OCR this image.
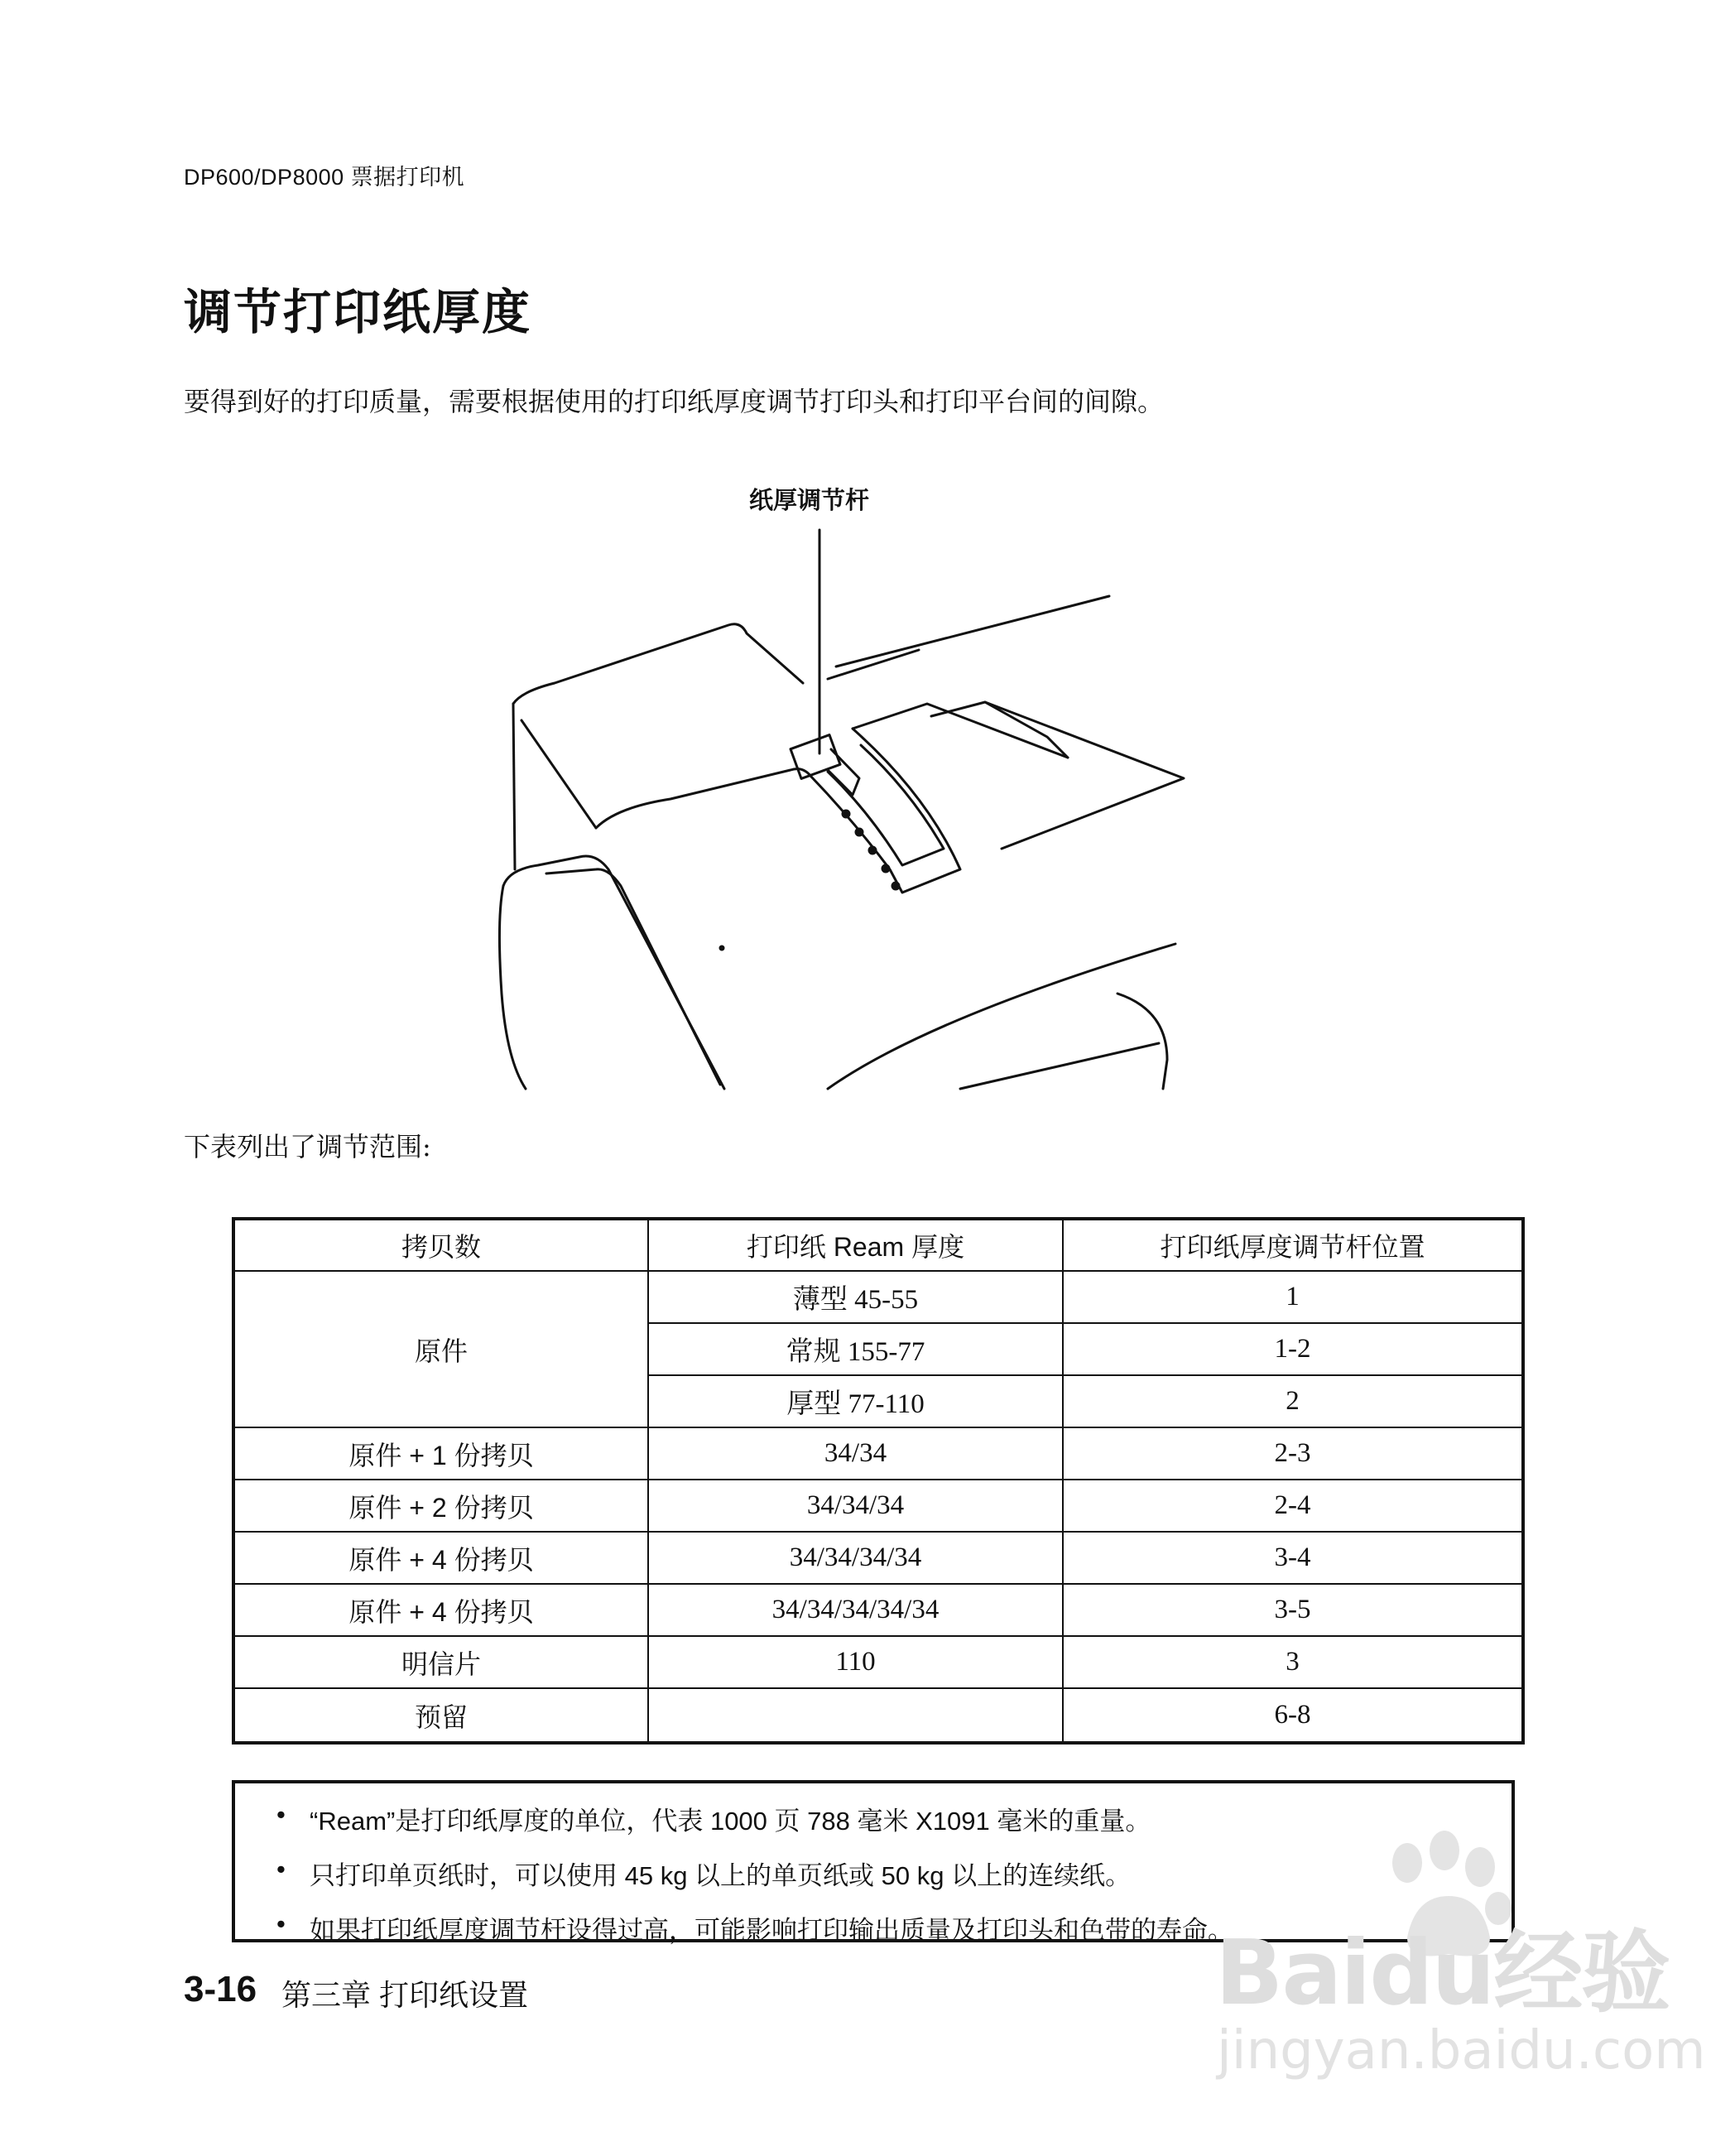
DP600/DP8000 票据打印机
调节打印纸厚度
要得到好的打印质量，需要根据使用的打印纸厚度调节打印头和打印平台间的间隙。
纸厚调节杆
下表列出了调节范围:
拷贝数	打印纸 Ream 厚度	打印纸厚度调节杆位置
原件	薄型 45-55	1
	常规 155-77	1-2
	厚型 77-110	2
原件 + 1 份拷贝	34/34	2-3
原件 + 2 份拷贝	34/34/34	2-4
原件 + 4 份拷贝	34/34/34/34	3-4
原件 + 4 份拷贝	34/34/34/34/34	3-5
明信片	110	3
预留		6-8
• “Ream”是打印纸厚度的单位，代表 1000 页 788 毫米 X1091 毫米的重量。
• 只打印单页纸时，可以使用 45 kg 以上的单页纸或 50 kg 以上的连续纸。
• 如果打印纸厚度调节杆设得过高，可能影响打印输出质量及打印头和色带的寿命。
3-16 第三章 打印纸设置	Baidu经验
jingyan.baidu.com
